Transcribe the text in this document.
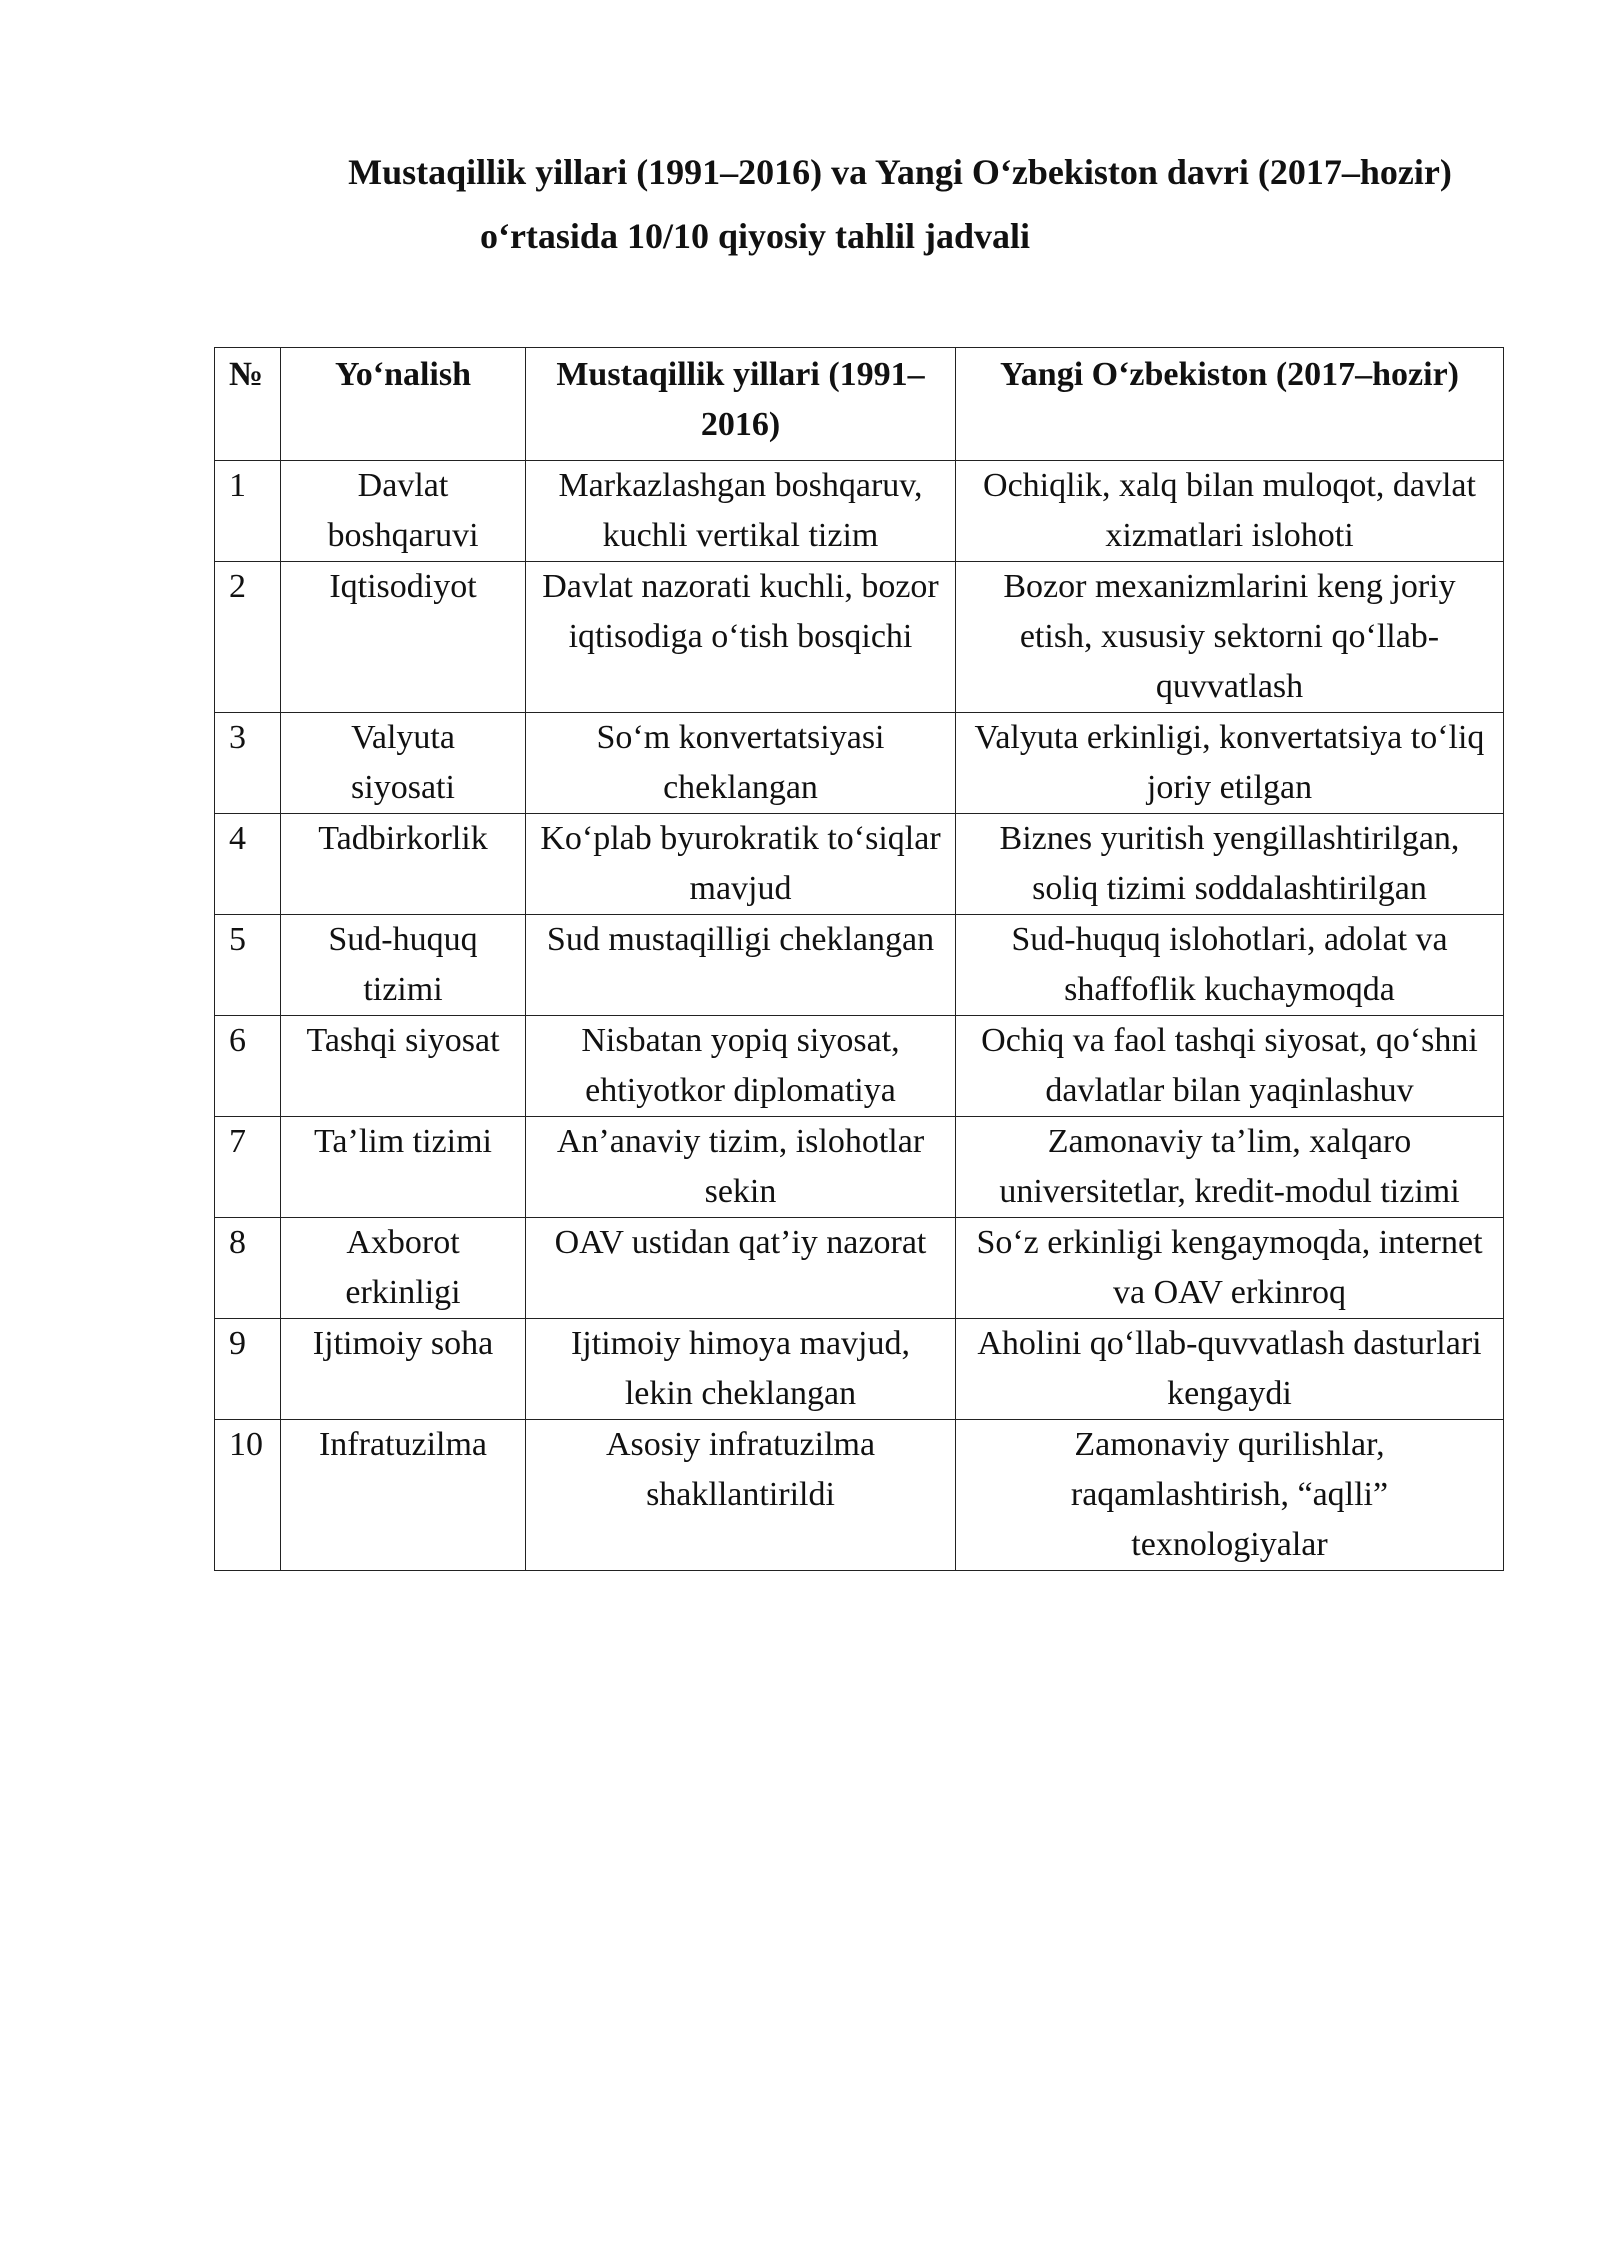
Mustaqillik yillari (1991–2016) va Yangi O‘zbekiston davri (2017–hozir)
o‘rtasida 10/10 qiyosiy tahlil jadvali
№	Yo‘nalish	Mustaqillik yillari (1991–2016)	Yangi O‘zbekiston (2017–hozir)
1	Davlat boshqaruvi	Markazlashgan boshqaruv, kuchli vertikal tizim	Ochiqlik, xalq bilan muloqot, davlat xizmatlari islohoti
2	Iqtisodiyot	Davlat nazorati kuchli, bozor iqtisodiga o‘tish bosqichi	Bozor mexanizmlarini keng joriy etish, xususiy sektorni qo‘llab-quvvatlash
3	Valyuta siyosati	So‘m konvertatsiyasi cheklangan	Valyuta erkinligi, konvertatsiya to‘liq joriy etilgan
4	Tadbirkorlik	Ko‘plab byurokratik to‘siqlar mavjud	Biznes yuritish yengillashtirilgan, soliq tizimi soddalashtirilgan
5	Sud-huquq tizimi	Sud mustaqilligi cheklangan	Sud-huquq islohotlari, adolat va shaffoflik kuchaymoqda
6	Tashqi siyosat	Nisbatan yopiq siyosat, ehtiyotkor diplomatiya	Ochiq va faol tashqi siyosat, qo‘shni davlatlar bilan yaqinlashuv
7	Ta’lim tizimi	An’anaviy tizim, islohotlar sekin	Zamonaviy ta’lim, xalqaro universitetlar, kredit-modul tizimi
8	Axborot erkinligi	OAV ustidan qat’iy nazorat	So‘z erkinligi kengaymoqda, internet va OAV erkinroq
9	Ijtimoiy soha	Ijtimoiy himoya mavjud, lekin cheklangan	Aholini qo‘llab-quvvatlash dasturlari kengaydi
10	Infratuzilma	Asosiy infratuzilma shakllantirildi	Zamonaviy qurilishlar, raqamlashtirish, “aqlli” texnologiyalar
